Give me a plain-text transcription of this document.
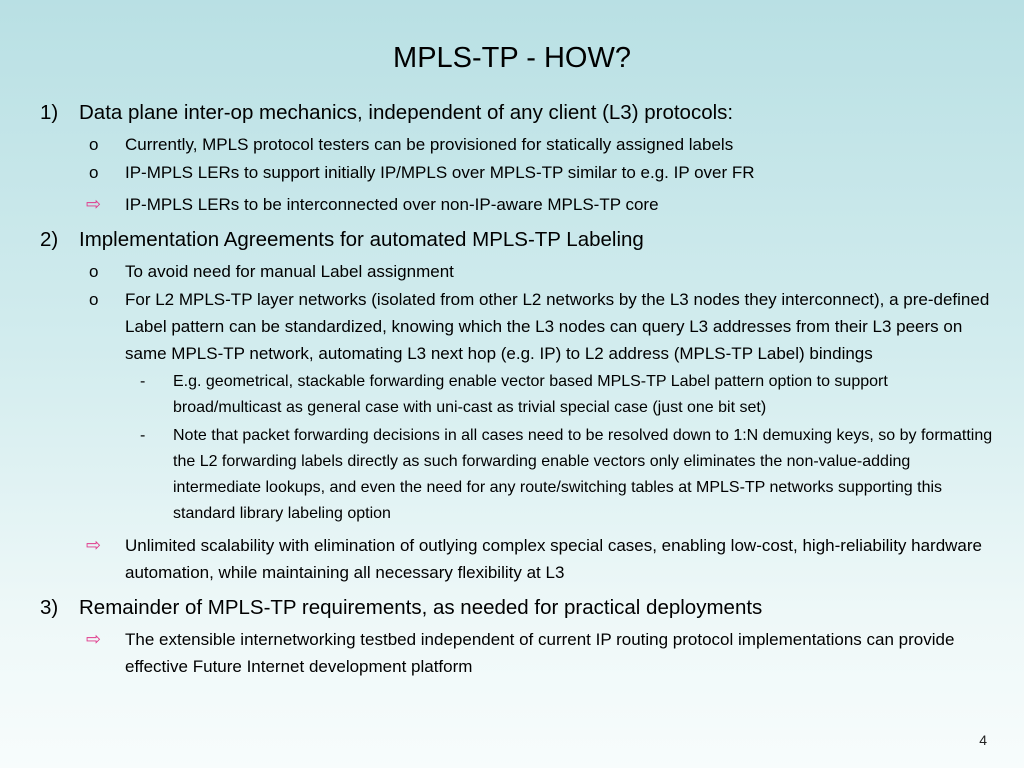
MPLS-TP - HOW?
1) Data plane inter-op mechanics, independent of any client (L3) protocols:
o Currently, MPLS protocol testers can be provisioned for statically assigned labels
o IP-MPLS LERs to support initially IP/MPLS over MPLS-TP similar to e.g. IP over FR
⇨ IP-MPLS LERs to be interconnected over non-IP-aware MPLS-TP core
2) Implementation Agreements for automated MPLS-TP Labeling
o To avoid need for manual Label assignment
o For L2 MPLS-TP layer networks (isolated from other L2 networks by the L3 nodes they interconnect), a pre-defined Label pattern can be standardized, knowing which the L3 nodes can query L3 addresses from their L3 peers on same MPLS-TP network, automating L3 next hop (e.g. IP) to L2 address (MPLS-TP Label) bindings
- E.g. geometrical, stackable forwarding enable vector based MPLS-TP Label pattern option to support broad/multicast as general case with uni-cast as trivial special case (just one bit set)
- Note that packet forwarding decisions in all cases need to be resolved down to 1:N demuxing keys, so by formatting the L2 forwarding labels directly as such forwarding enable vectors only eliminates the non-value-adding intermediate lookups, and even the need for any route/switching tables at MPLS-TP networks supporting this standard library labeling option
⇨ Unlimited scalability with elimination of outlying complex special cases, enabling low-cost, high-reliability hardware automation, while maintaining all necessary flexibility at L3
3) Remainder of MPLS-TP requirements, as needed for practical deployments
⇨ The extensible internetworking testbed independent of current IP routing protocol implementations can provide effective Future Internet development platform
4
